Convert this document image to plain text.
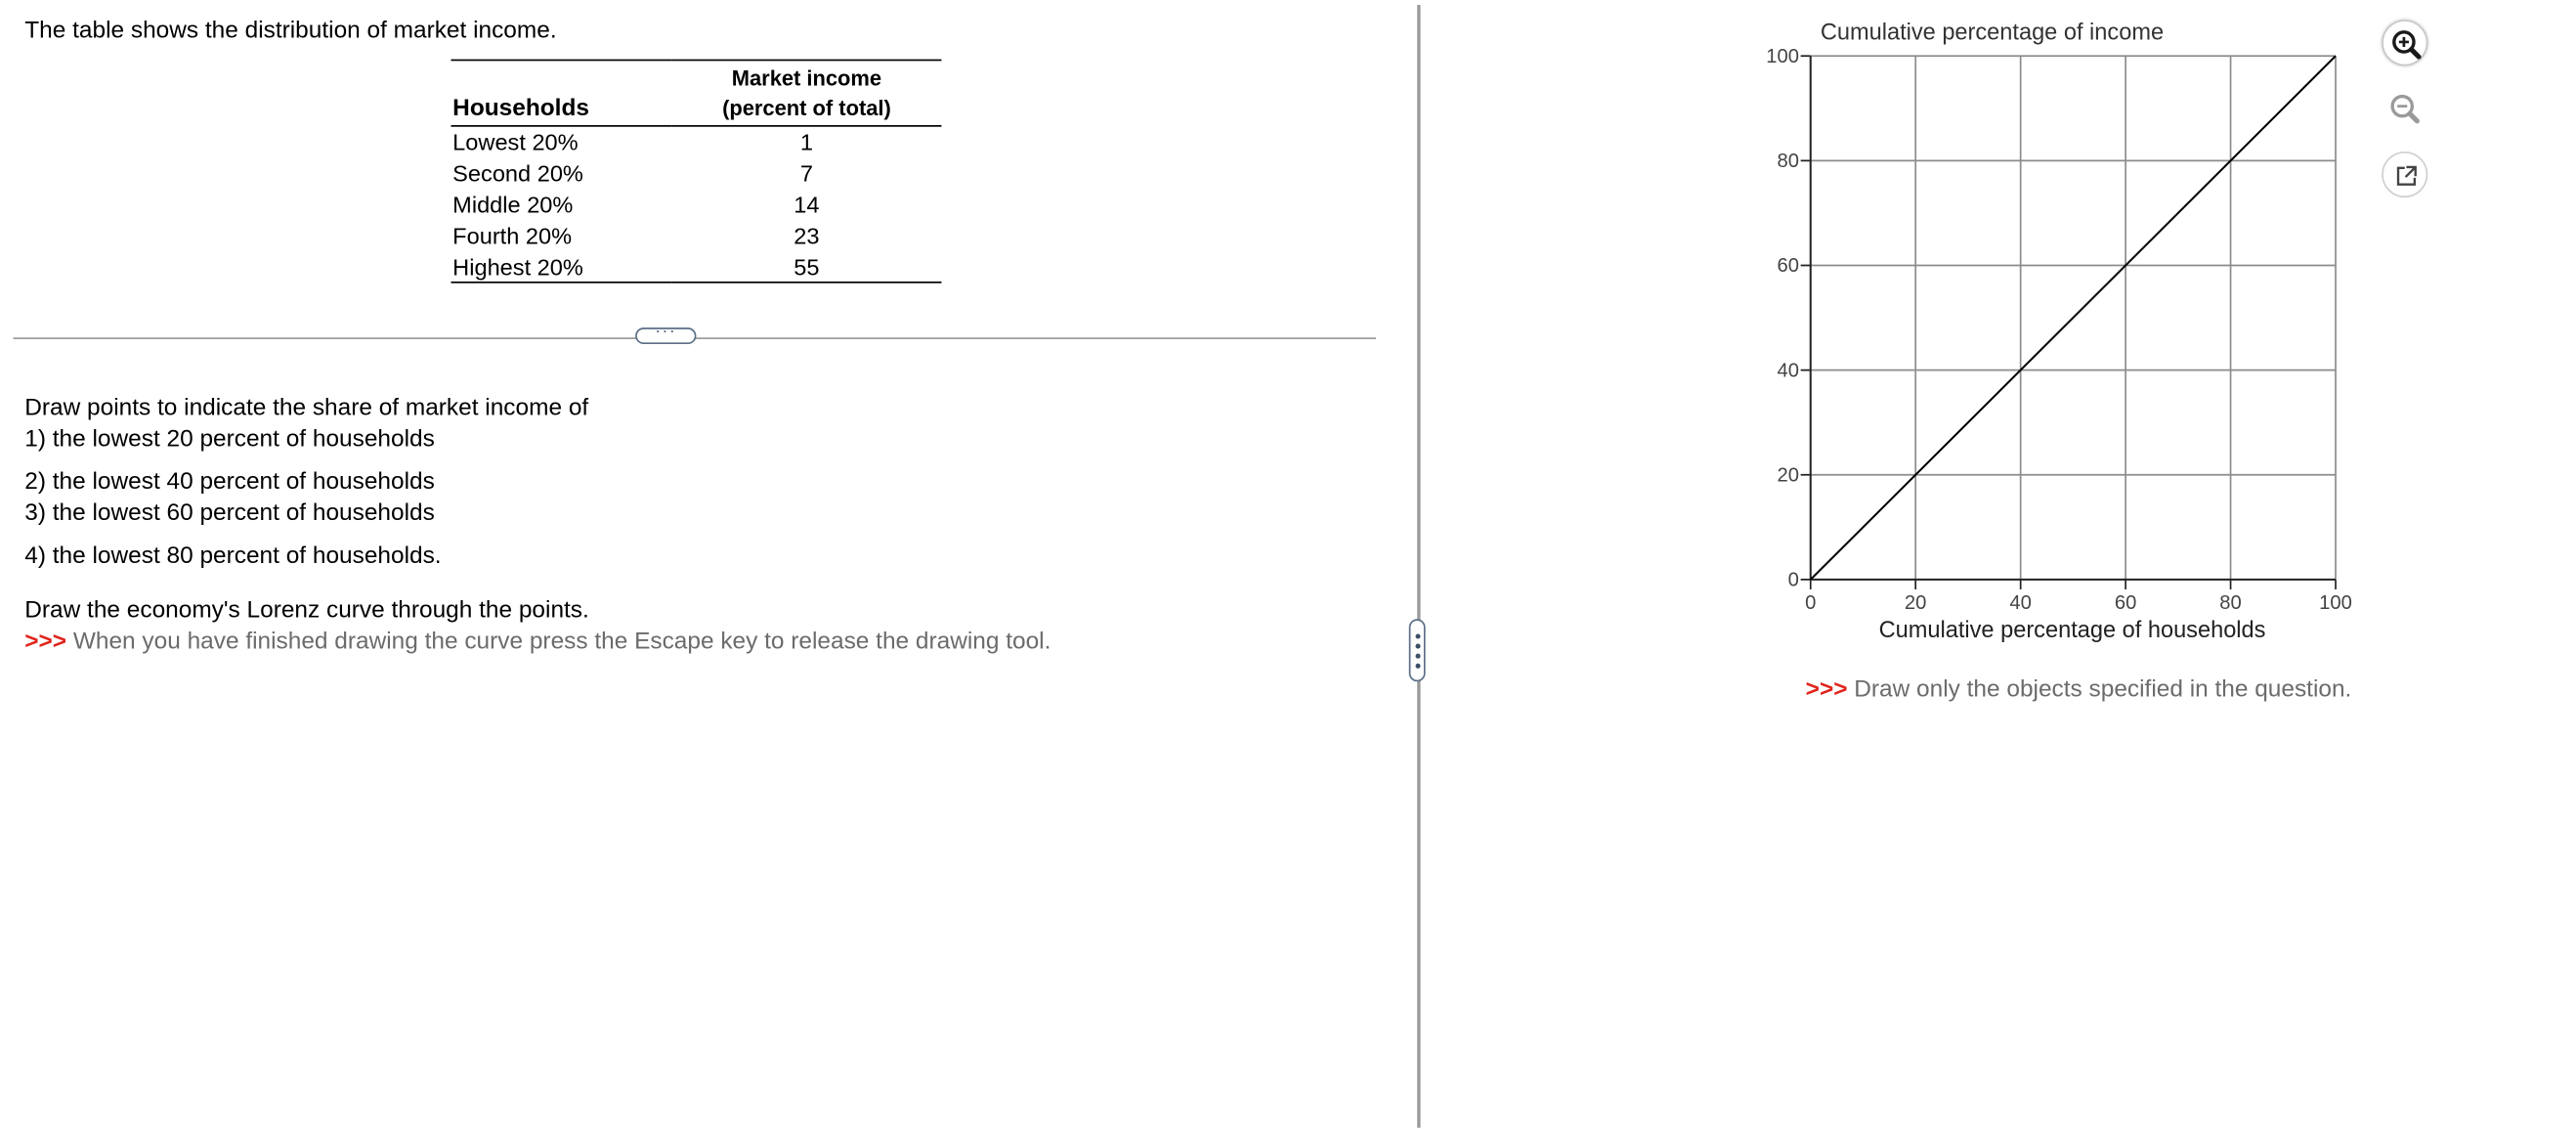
The table shows the distribution of market income.
Households	Market income
(percent of total)

Lowest 20%	1
Second 20%	7
Middle 20%	14
Fourth 20%	23
Highest 20%	55
···
Draw points to indicate the share of market income of
1) the lowest 20 percent of households
2) the lowest 40 percent of households
3) the lowest 60 percent of households
4) the lowest 80 percent of households.
Draw the economy's Lorenz curve through the points.
>>> When you have finished drawing the curve press the Escape key to release the drawing tool.
0
20
40
60
80
100
0	20	40	60	80	100
Cumulative percentage of income
Cumulative percentage of households
>>> Draw only the objects specified in the question.
